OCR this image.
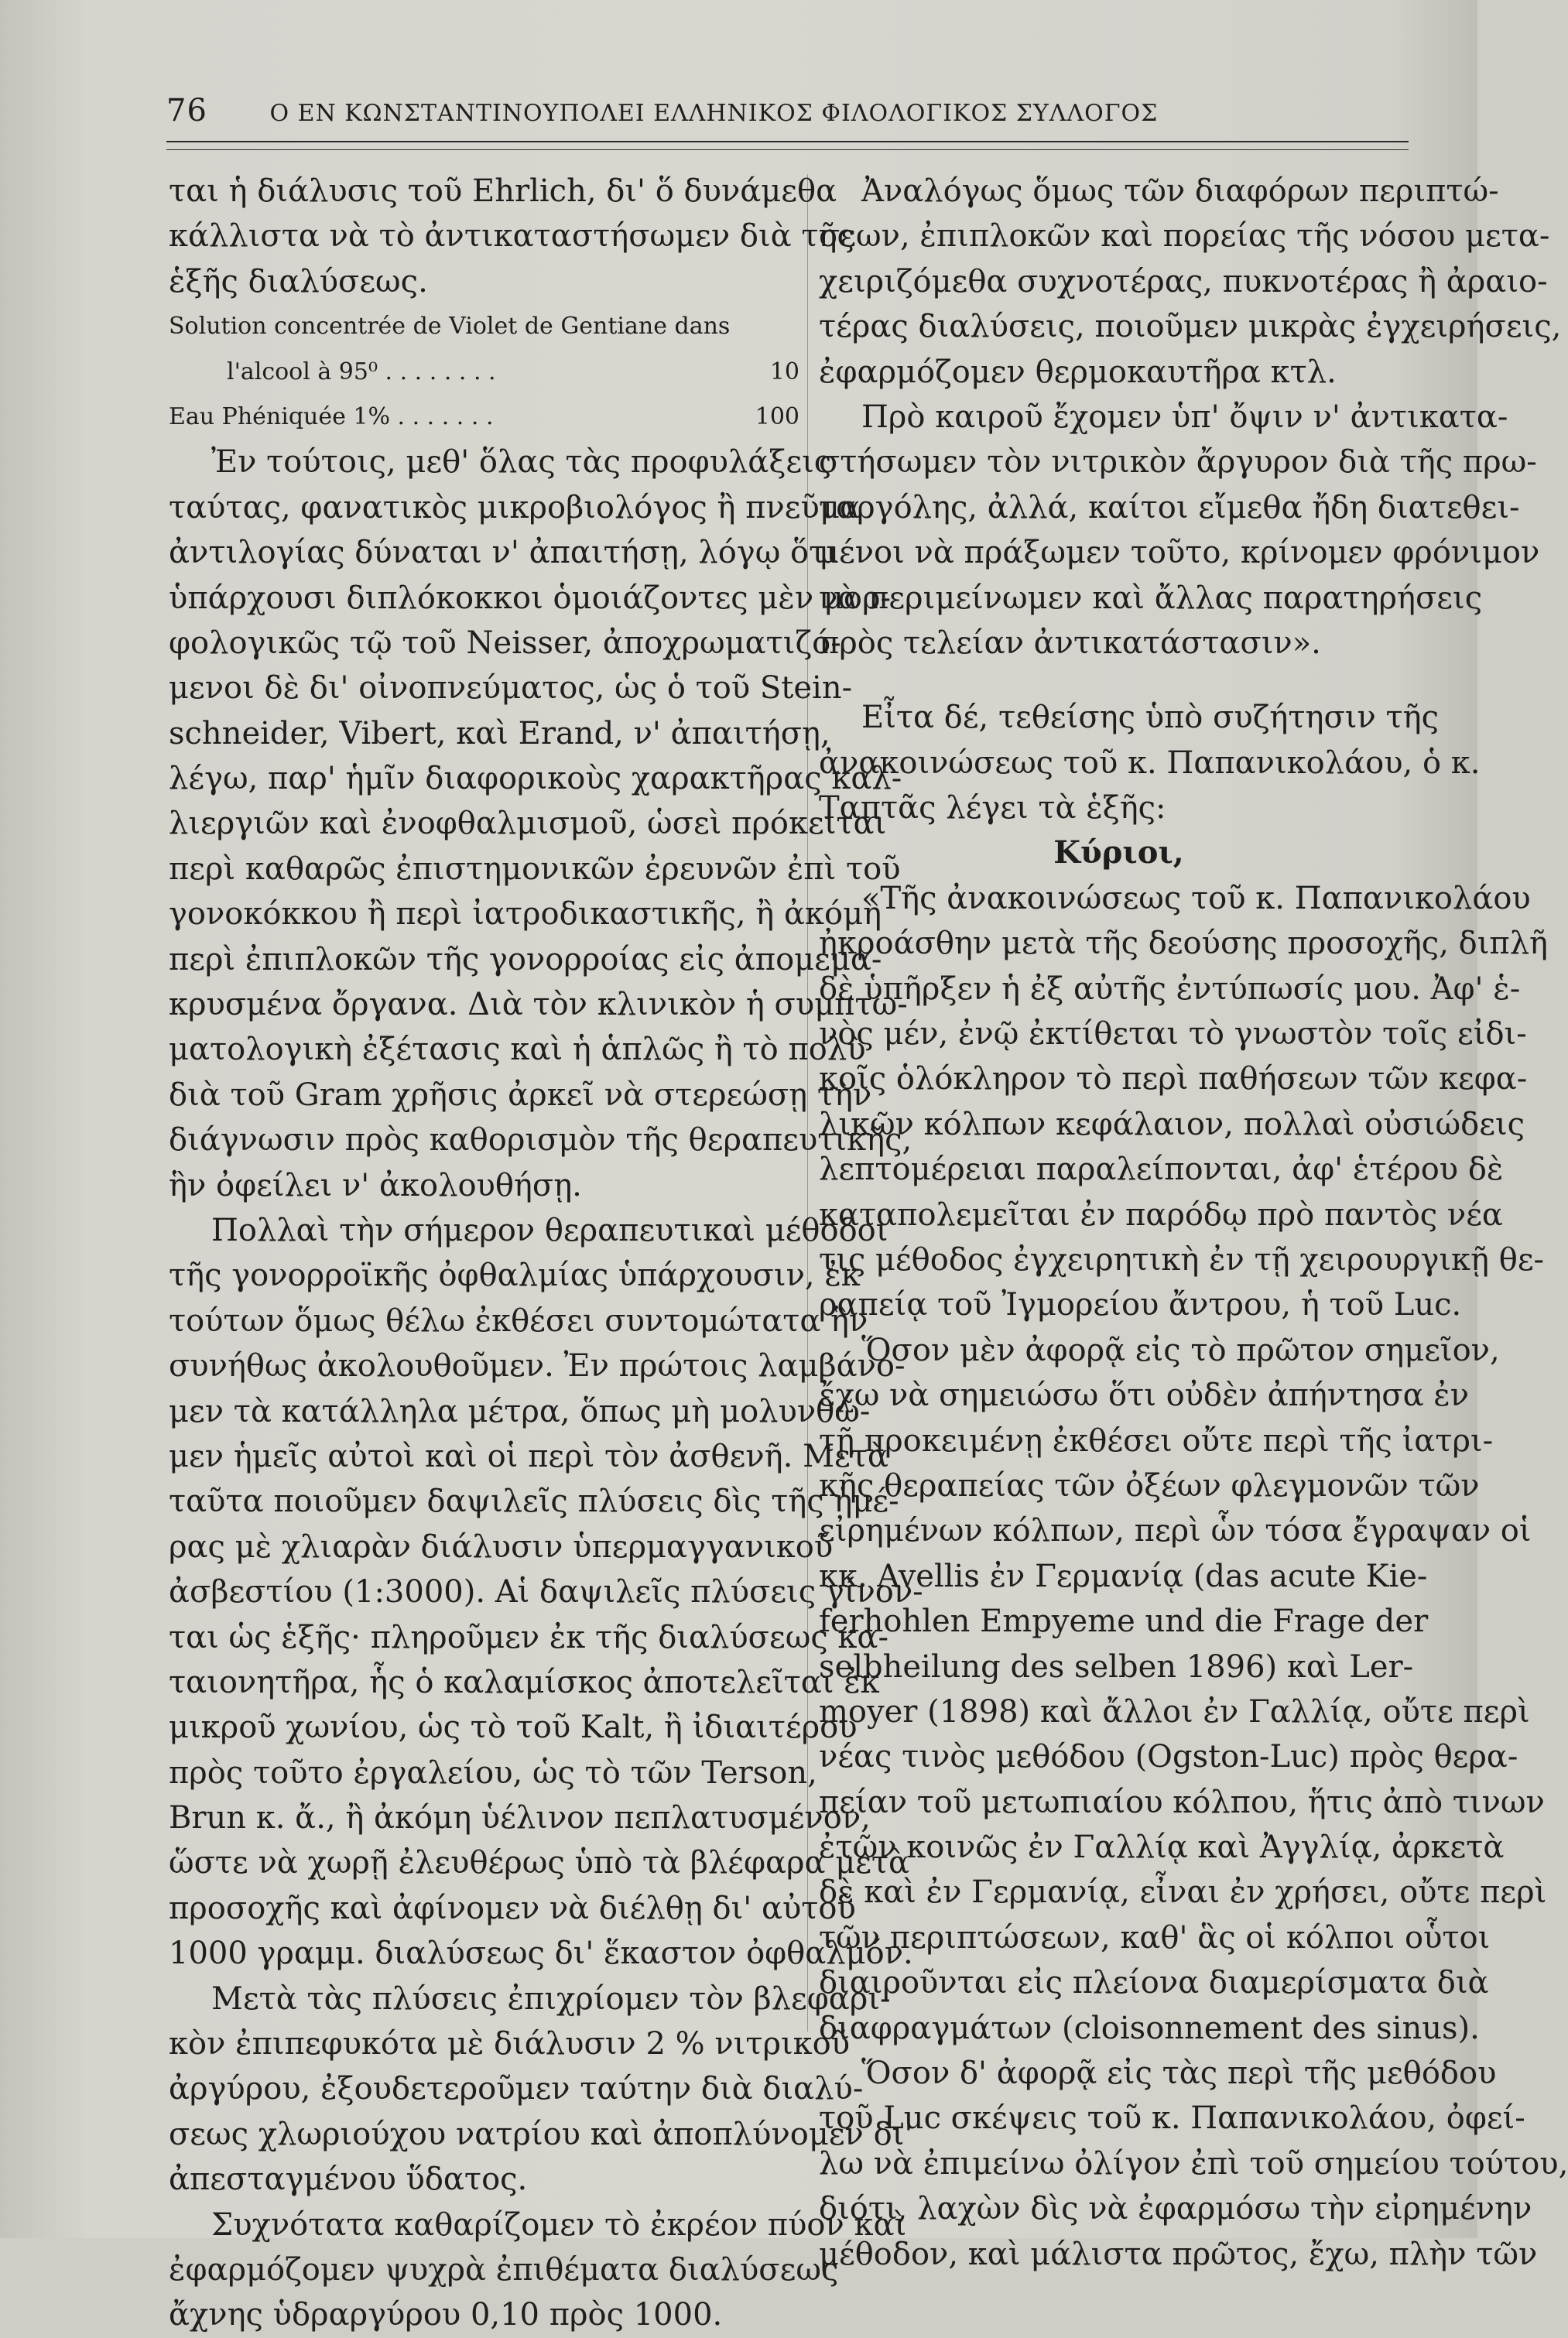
76	Ο ΕΝ ΚΩΝΣΤΑΝΤΙΝΟΥΠΟΛΕΙ ΕΛΛΗΝΙΚΟΣ ΦΙΛΟΛΟΓΙΚΟΣ ΣΥΛΛΟΓΟΣ
ται ἡ διάλυσις τοῦ Ehrlich, δι' ὅ δυνάμεθα
κάλλιστα νὰ τὸ ἀντικαταστήσωμεν διὰ τῆς
ἑξῆς διαλύσεως.
Solution concentrée de Violet de Gentiane dans
l'alcool à 95⁰ . . . . . . . .	10
Eau Phéniquée 1% . . . . . . .	100
Ἐν τούτοις, μεθ' ὅλας τὰς προφυλάξεις
ταύτας, φανατικὸς μικροβιολόγος ἢ πνεῦμα
ἀντιλογίας δύναται ν' ἀπαιτήσῃ, λόγῳ ὅτι
ὑπάρχουσι διπλόκοκκοι ὁμοιάζοντες μὲν μορ-
φολογικῶς τῷ τοῦ Neisser, ἀποχρωματιζό-
μενοι δὲ δι' οἰνοπνεύματος, ὡς ὁ τοῦ Stein-
schneider, Vibert, καὶ Erand, ν' ἀπαιτήσῃ,
λέγω, παρ' ἡμῖν διαφορικοὺς χαρακτῆρας καλ-
λιεργιῶν καὶ ἐνοφθαλμισμοῦ, ὡσεὶ πρόκειται
περὶ καθαρῶς ἐπιστημονικῶν ἐρευνῶν ἐπὶ τοῦ
γονοκόκκου ἢ περὶ ἰατροδικαστικῆς, ἢ ἀκόμη
περὶ ἐπιπλοκῶν τῆς γονορροίας εἰς ἀπομεμα-
κρυσμένα ὄργανα. Διὰ τὸν κλινικὸν ἡ συμπτω-
ματολογικὴ ἐξέτασις καὶ ἡ ἁπλῶς ἢ τὸ πολὺ
διὰ τοῦ Gram χρῆσις ἀρκεῖ νὰ στερεώσῃ τὴν
διάγνωσιν πρὸς καθορισμὸν τῆς θεραπευτικῆς,
ἣν ὀφείλει ν' ἀκολουθήσῃ.
Πολλαὶ τὴν σήμερον θεραπευτικαὶ μέθοδοι
τῆς γονορροϊκῆς ὀφθαλμίας ὑπάρχουσιν, ἐκ
τούτων ὅμως θέλω ἐκθέσει συντομώτατα ἣν
συνήθως ἀκολουθοῦμεν. Ἐν πρώτοις λαμβάνο-
μεν τὰ κατάλληλα μέτρα, ὅπως μὴ μολυνθῶ-
μεν ἡμεῖς αὐτοὶ καὶ οἱ περὶ τὸν ἀσθενῆ. Μετὰ
ταῦτα ποιοῦμεν δαψιλεῖς πλύσεις δὶς τῆς ἡμέ-
ρας μὲ χλιαρὰν διάλυσιν ὑπερμαγγανικοῦ
ἀσβεστίου (1:3000). Αἱ δαψιλεῖς πλύσεις γίνον-
ται ὡς ἑξῆς· πληροῦμεν ἐκ τῆς διαλύσεως κα-
ταιονητῆρα, ἧς ὁ καλαμίσκος ἀποτελεῖται ἐκ
μικροῦ χωνίου, ὡς τὸ τοῦ Kalt, ἢ ἰδιαιτέρου
πρὸς τοῦτο ἐργαλείου, ὡς τὸ τῶν Terson,
Brun κ. ἄ., ἢ ἀκόμη ὑέλινον πεπλατυσμένον,
ὥστε νὰ χωρῇ ἐλευθέρως ὑπὸ τὰ βλέφαρα μετὰ
προσοχῆς καὶ ἀφίνομεν νὰ διέλθῃ δι' αὐτοῦ
1000 γραμμ. διαλύσεως δι' ἕκαστον ὀφθαλμόν.
Μετὰ τὰς πλύσεις ἐπιχρίομεν τὸν βλεφαρι-
κὸν ἐπιπεφυκότα μὲ διάλυσιν 2 % νιτρικοῦ
ἀργύρου, ἐξουδετεροῦμεν ταύτην διὰ διαλύ-
σεως χλωριούχου νατρίου καὶ ἀποπλύνομεν δι'
ἀπεσταγμένου ὕδατος.
Συχνότατα καθαρίζομεν τὸ ἐκρέον πύον καὶ
ἐφαρμόζομεν ψυχρὰ ἐπιθέματα διαλύσεως
ἄχνης ὑδραργύρου 0,10 πρὸς 1000.
Ἀναλόγως ὅμως τῶν διαφόρων περιπτώ-
σεων, ἐπιπλοκῶν καὶ πορείας τῆς νόσου μετα-
χειριζόμεθα συχνοτέρας, πυκνοτέρας ἢ ἀραιο-
τέρας διαλύσεις, ποιοῦμεν μικρὰς ἐγχειρήσεις,
ἐφαρμόζομεν θερμοκαυτῆρα κτλ.
Πρὸ καιροῦ ἔχομεν ὑπ' ὄψιν ν' ἀντικατα-
στήσωμεν τὸν νιτρικὸν ἄργυρον διὰ τῆς πρω-
ταργόλης, ἀλλά, καίτοι εἴμεθα ἤδη διατεθει-
μένοι νὰ πράξωμεν τοῦτο, κρίνομεν φρόνιμον
νὰ περιμείνωμεν καὶ ἄλλας παρατηρήσεις
πρὸς τελείαν ἀντικατάστασιν».
Εἶτα δέ, τεθείσης ὑπὸ συζήτησιν τῆς
ἀνακοινώσεως τοῦ κ. Παπανικολάου, ὁ κ.
Ταπτᾶς λέγει τὰ ἑξῆς:
Κύριοι,
«Τῆς ἀνακοινώσεως τοῦ κ. Παπανικολάου
ἠκροάσθην μετὰ τῆς δεούσης προσοχῆς, διπλῆ
δὲ ὑπῆρξεν ἡ ἐξ αὐτῆς ἐντύπωσίς μου. Ἀφ' ἑ-
νὸς μέν, ἐνῷ ἐκτίθεται τὸ γνωστὸν τοῖς εἰδι-
κοῖς ὁλόκληρον τὸ περὶ παθήσεων τῶν κεφα-
λικῶν κόλπων κεφάλαιον, πολλαὶ οὐσιώδεις
λεπτομέρειαι παραλείπονται, ἀφ' ἑτέρου δὲ
καταπολεμεῖται ἐν παρόδῳ πρὸ παντὸς νέα
τις μέθοδος ἐγχειρητικὴ ἐν τῇ χειρουργικῇ θε-
ραπείᾳ τοῦ Ἰγμορείου ἄντρου, ἡ τοῦ Luc.
Ὅσον μὲν ἀφορᾷ εἰς τὸ πρῶτον σημεῖον,
ἔχω νὰ σημειώσω ὅτι οὐδὲν ἀπήντησα ἐν
τῇ προκειμένῃ ἐκθέσει οὔτε περὶ τῆς ἰατρι-
κῆς θεραπείας τῶν ὀξέων φλεγμονῶν τῶν
εἰρημένων κόλπων, περὶ ὧν τόσα ἔγραψαν οἱ
κκ. Avellis ἐν Γερμανίᾳ (das acute Kie-
ferhohlen Empyeme und die Frage der
selbheilung des selben 1896) καὶ Ler-
moyer (1898) καὶ ἄλλοι ἐν Γαλλίᾳ, οὔτε περὶ
νέας τινὸς μεθόδου (Ogston-Luc) πρὸς θερα-
πείαν τοῦ μετωπιαίου κόλπου, ἥτις ἀπὸ τινων
ἐτῶν κοινῶς ἐν Γαλλίᾳ καὶ Ἀγγλίᾳ, ἀρκετὰ
δὲ καὶ ἐν Γερμανίᾳ, εἶναι ἐν χρήσει, οὔτε περὶ
τῶν περιπτώσεων, καθ' ἃς οἱ κόλποι οὗτοι
διαιροῦνται εἰς πλείονα διαμερίσματα διὰ
διαφραγμάτων (cloisonnement des sinus).
Ὅσον δ' ἀφορᾷ εἰς τὰς περὶ τῆς μεθόδου
τοῦ Luc σκέψεις τοῦ κ. Παπανικολάου, ὀφεί-
λω νὰ ἐπιμείνω ὀλίγον ἐπὶ τοῦ σημείου τούτου,
διότι, λαχὼν δὶς νὰ ἐφαρμόσω τὴν εἰρημένην
μέθοδον, καὶ μάλιστα πρῶτος, ἔχω, πλὴν τῶν
